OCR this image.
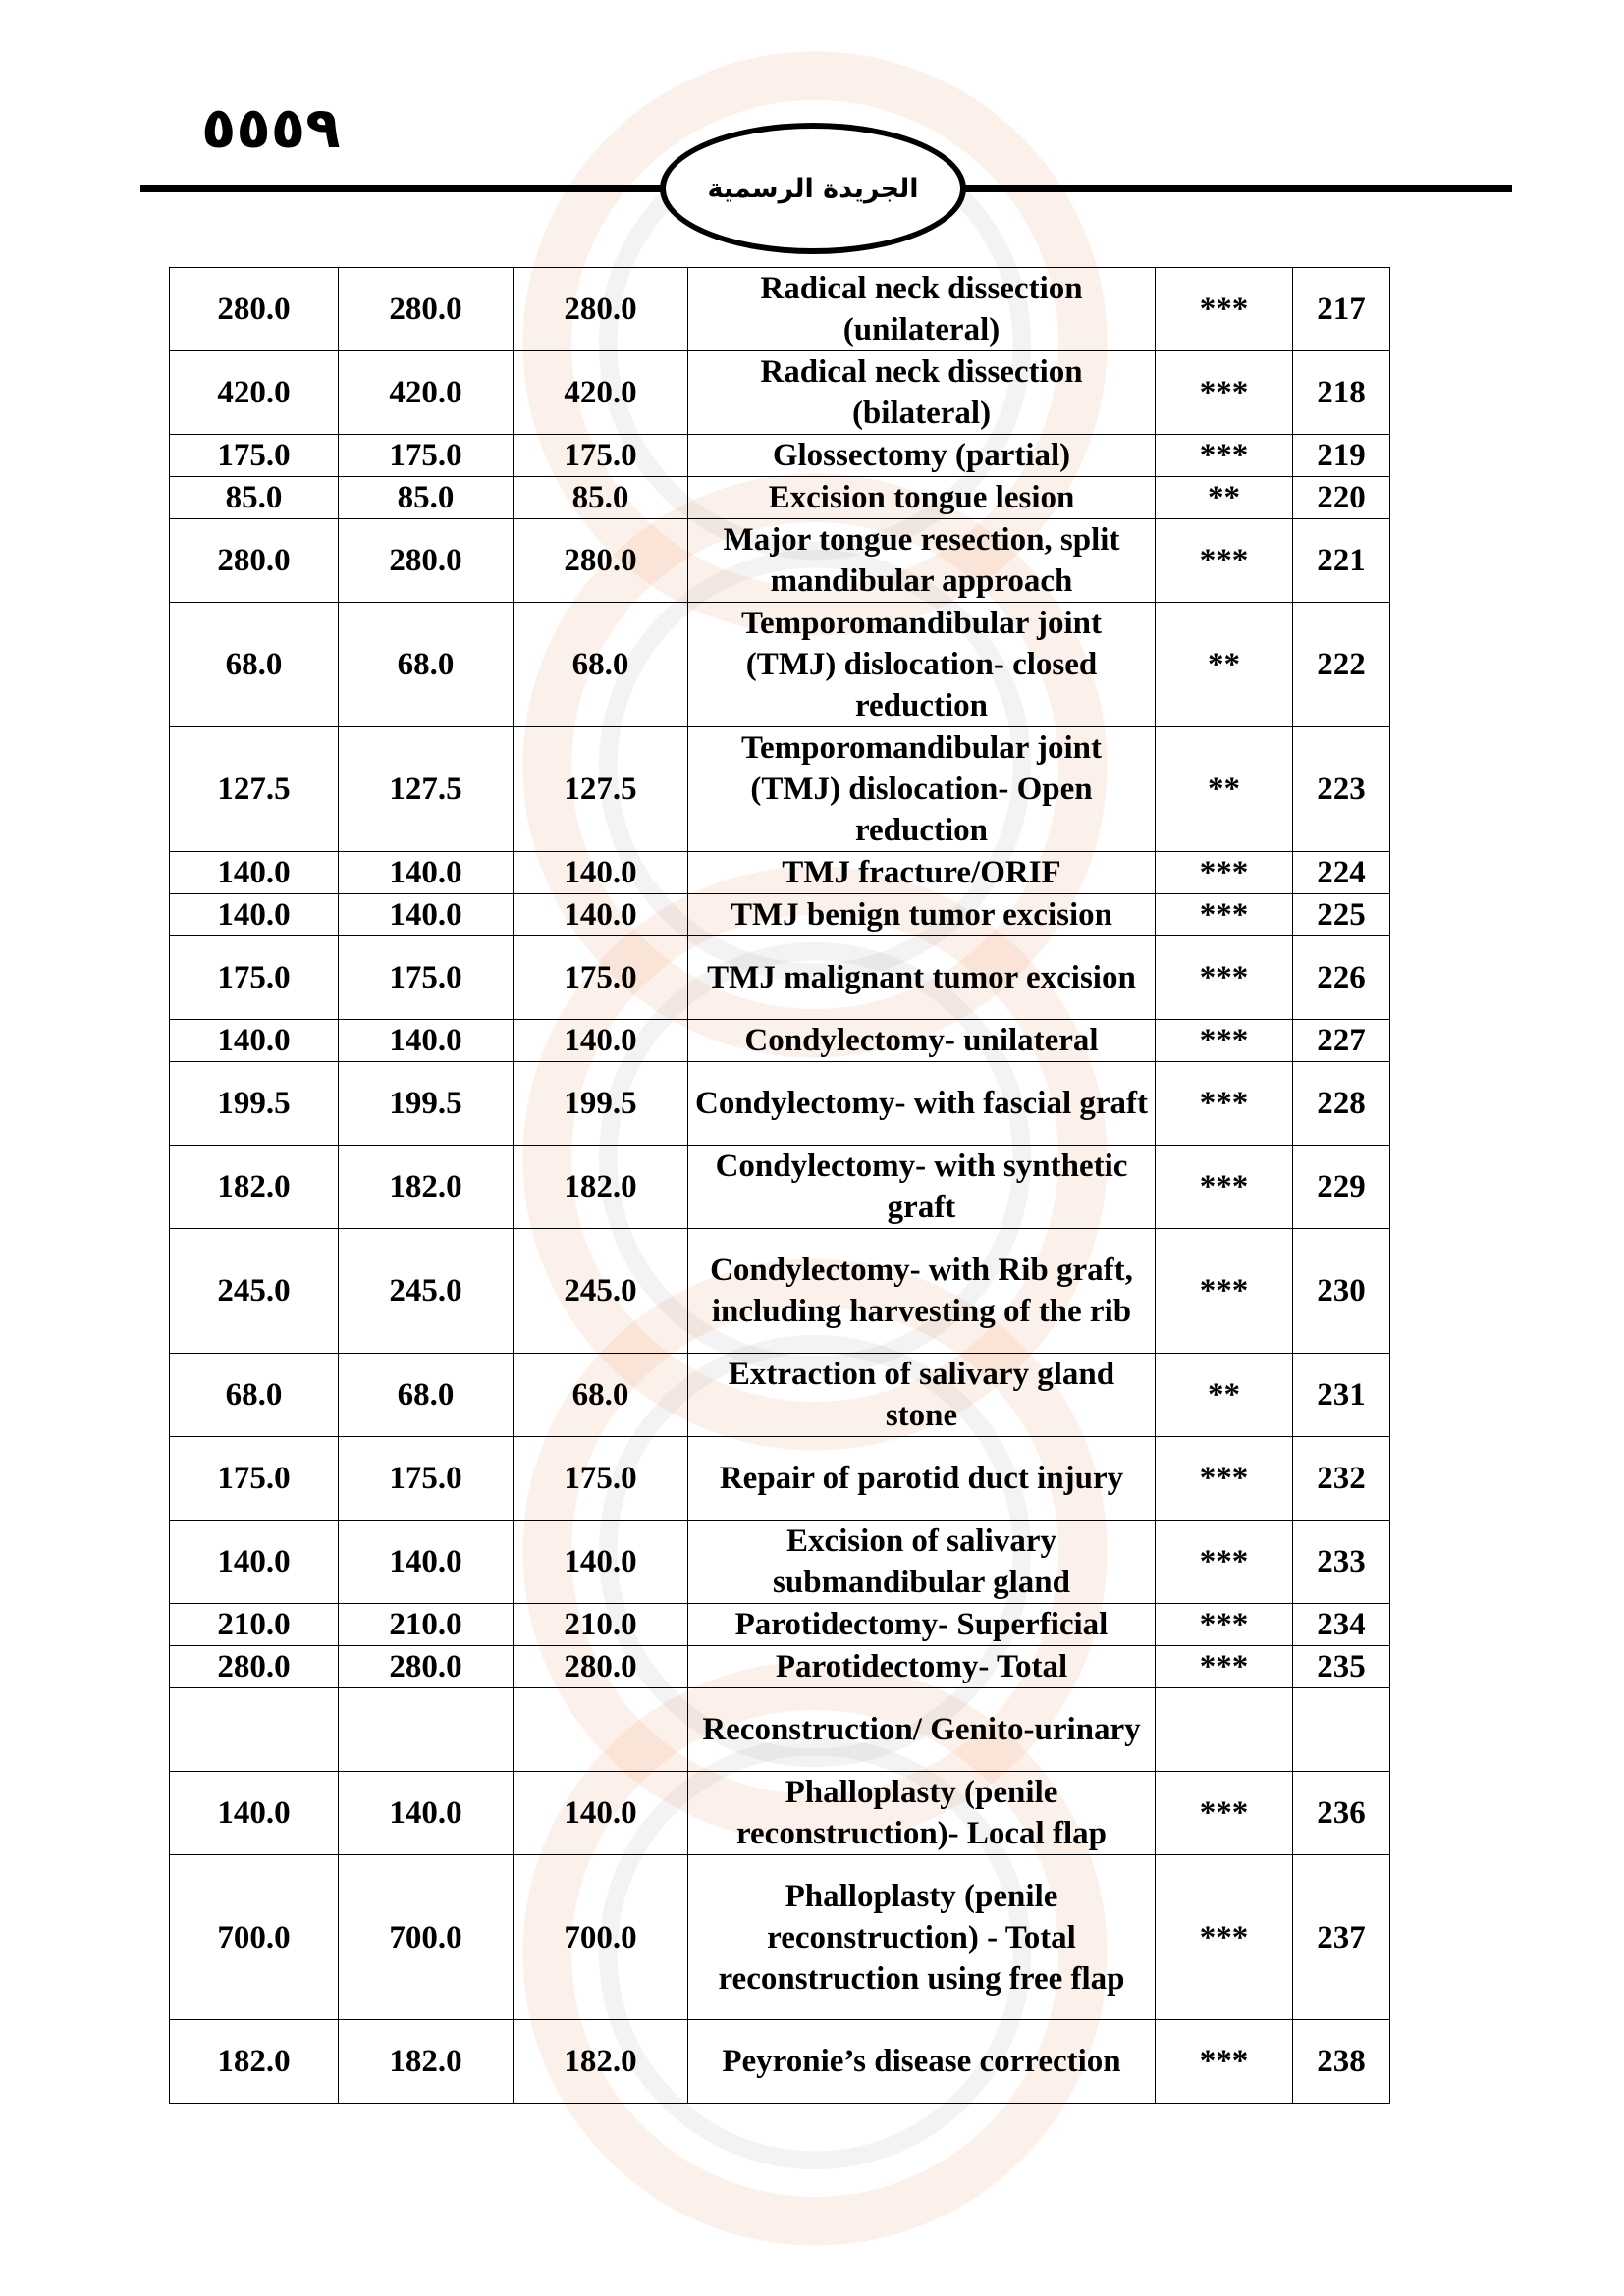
٥٥٥٩
الجريدة الرسمية
280.0	280.0	280.0	Radical neck dissection (unilateral)	***	217
420.0	420.0	420.0	Radical neck dissection (bilateral)	***	218
175.0	175.0	175.0	Glossectomy (partial)	***	219
85.0	85.0	85.0	Excision tongue lesion	**	220
280.0	280.0	280.0	Major tongue resection, split mandibular approach	***	221
68.0	68.0	68.0	Temporomandibular joint (TMJ) dislocation- closed reduction	**	222
127.5	127.5	127.5	Temporomandibular joint (TMJ) dislocation- Open reduction	**	223
140.0	140.0	140.0	TMJ fracture/ORIF	***	224
140.0	140.0	140.0	TMJ benign tumor excision	***	225
175.0	175.0	175.0	TMJ malignant tumor excision	***	226
140.0	140.0	140.0	Condylectomy- unilateral	***	227
199.5	199.5	199.5	Condylectomy- with fascial graft	***	228
182.0	182.0	182.0	Condylectomy- with synthetic graft	***	229
245.0	245.0	245.0	Condylectomy- with Rib graft, including harvesting of the rib	***	230
68.0	68.0	68.0	Extraction of salivary gland stone	**	231
175.0	175.0	175.0	Repair of parotid duct injury	***	232
140.0	140.0	140.0	Excision of salivary submandibular gland	***	233
210.0	210.0	210.0	Parotidectomy- Superficial	***	234
280.0	280.0	280.0	Parotidectomy- Total	***	235
			Reconstruction/ Genito-urinary		
140.0	140.0	140.0	Phalloplasty (penile reconstruction)- Local flap	***	236
700.0	700.0	700.0	Phalloplasty (penile reconstruction) - Total reconstruction using free flap	***	237
182.0	182.0	182.0	Peyronie’s disease correction	***	238
